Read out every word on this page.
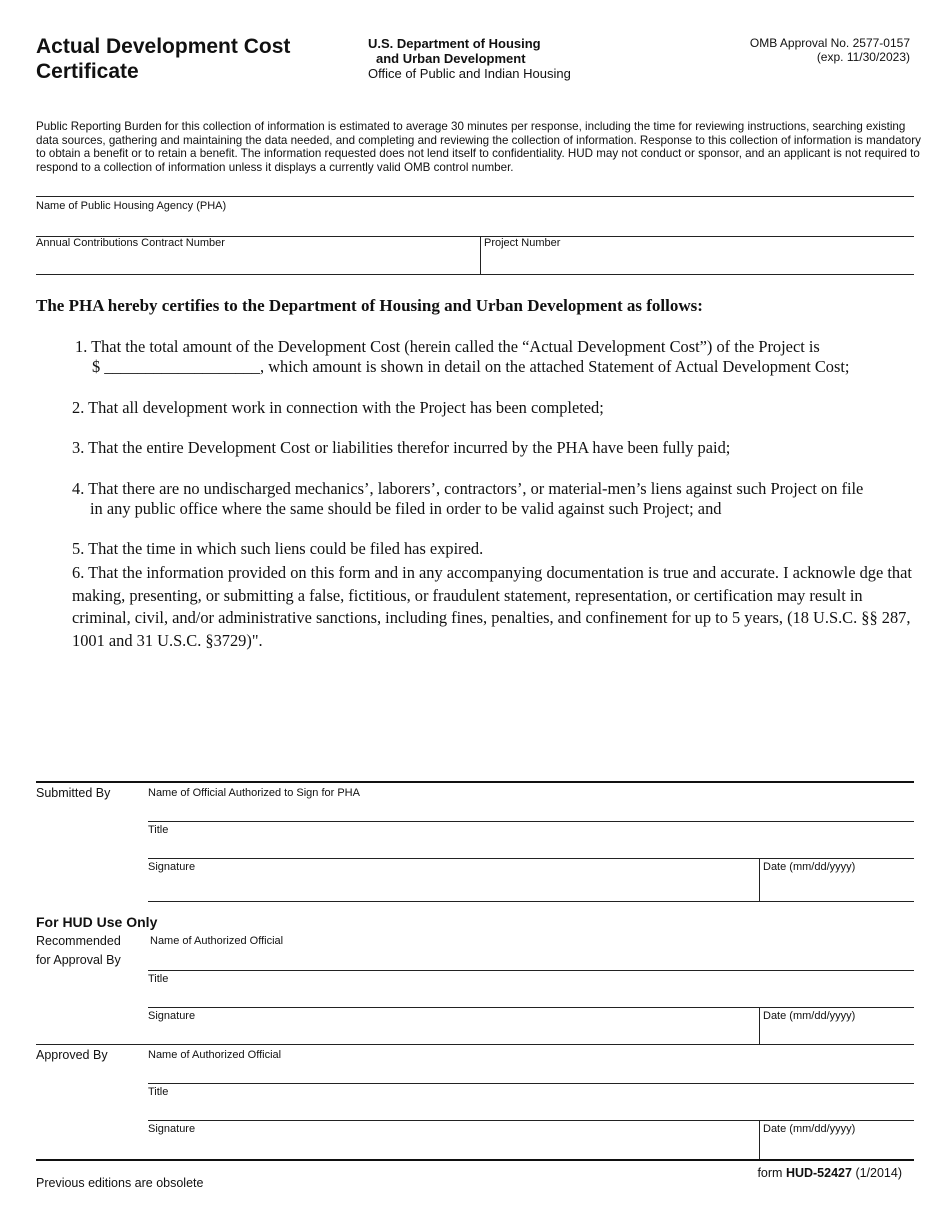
Actual Development Cost
Certificate
U.S. Department of Housing
and Urban Development
Office of Public and Indian Housing
OMB Approval No. 2577-0157
(exp. 11/30/2023)
Public Reporting Burden for this collection of information is estimated to average 30 minutes per response, including the time for reviewing instructions, searching existing data sources, gathering and maintaining the data needed, and completing and reviewing the collection of information. Response to this collection of information is mandatory to obtain a benefit or to retain a benefit. The information requested does not lend itself to confidentiality. HUD may not conduct or sponsor, and an applicant is not required to respond to a collection of information unless it displays a currently valid OMB control number.
Name of Public Housing Agency (PHA)
Annual Contributions Contract Number	Project Number
The PHA hereby certifies to the Department of Housing and Urban Development as follows:
1. That the total amount of the Development Cost (herein called the “Actual Development Cost”) of the Project is
$ ___________________, which amount is shown in detail on the attached Statement of Actual Development Cost;
2. That all development work in connection with the Project has been completed;
3. That the entire Development Cost or liabilities therefor incurred by the PHA have been fully paid;
4. That there are no undischarged mechanics’, laborers’, contractors’, or material-men’s liens against such Project on file
in any public office where the same should be filed in order to be valid against such Project; and
5. That the time in which such liens could be filed has expired.
6. That the information provided on this form and in any accompanying documentation is true and accurate. I acknowle dge that making, presenting, or submitting a false, fictitious, or fraudulent statement, representation, or certification may result in criminal, civil, and/or administrative sanctions, including fines, penalties, and confinement for up to 5 years, (18 U.S.C. §§ 287, 1001 and 31 U.S.C. §3729)".
Submitted By	Name of Official Authorized to Sign for PHA
Title
Signature	Date (mm/dd/yyyy)
For HUD Use Only
Recommended
for Approval By
Name of Authorized Official
Title
Signature	Date (mm/dd/yyyy)
Approved By	Name of Authorized Official
Title
Signature	Date (mm/dd/yyyy)
Previous editions are obsolete
form HUD-52427 (1/2014)
